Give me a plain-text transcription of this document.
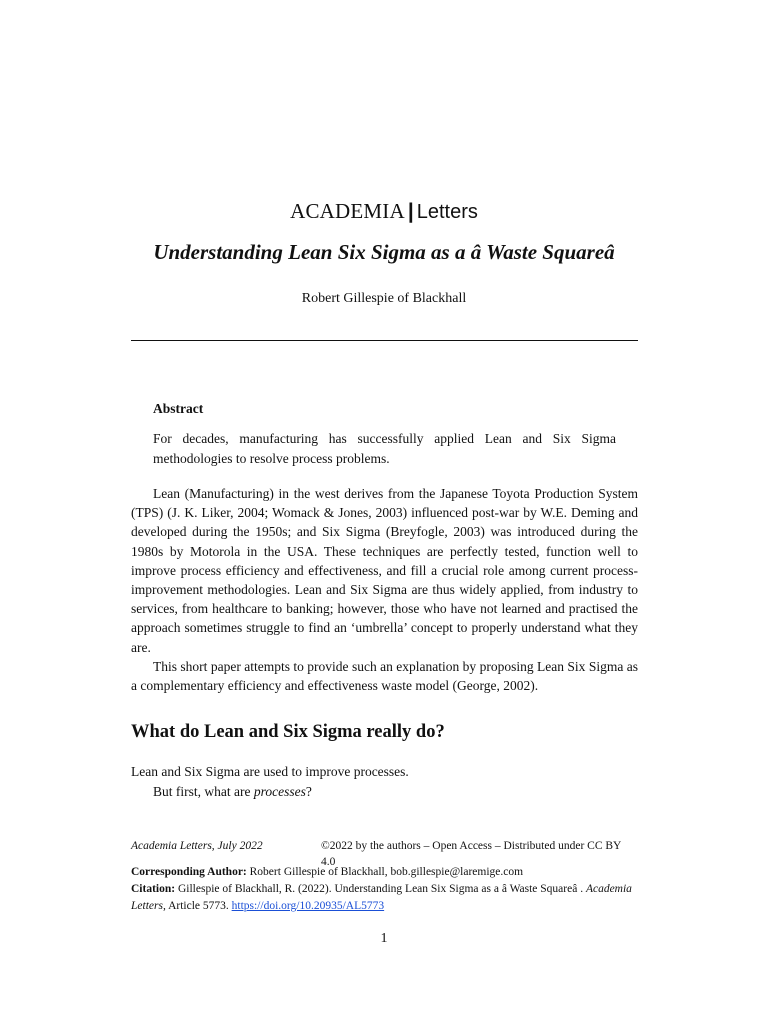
ACADEMIA | Letters
Understanding Lean Six Sigma as a â Waste Squareâ
Robert Gillespie of Blackhall
Abstract

For decades, manufacturing has successfully applied Lean and Six Sigma methodologies to resolve process problems.

Lean (Manufacturing) in the west derives from the Japanese Toyota Production System (TPS) (J. K. Liker, 2004; Womack & Jones, 2003) influenced post-war by W.E. Deming and developed during the 1950s; and Six Sigma (Breyfogle, 2003) was introduced during the 1980s by Motorola in the USA. These techniques are perfectly tested, function well to improve process efficiency and effectiveness, and fill a crucial role among current process-improvement methodologies. Lean and Six Sigma are thus widely applied, from industry to services, from healthcare to banking; however, those who have not learned and practised the approach sometimes struggle to find an ‘umbrella’ concept to properly understand what they are.

This short paper attempts to provide such an explanation by proposing Lean Six Sigma as a complementary efficiency and effectiveness waste model (George, 2002).

What do Lean and Six Sigma really do?

Lean and Six Sigma are used to improve processes.

But first, what are processes?

Academia Letters, July 2022	©2022 by the authors – Open Access – Distributed under CC BY 4.0

Corresponding Author: Robert Gillespie of Blackhall, bob.gillespie@laremige.com

Citation: Gillespie of Blackhall, R. (2022). Understanding Lean Six Sigma as a â Waste Squareâ . Academia Letters, Article 5773. https://doi.org/10.20935/AL5773

1
